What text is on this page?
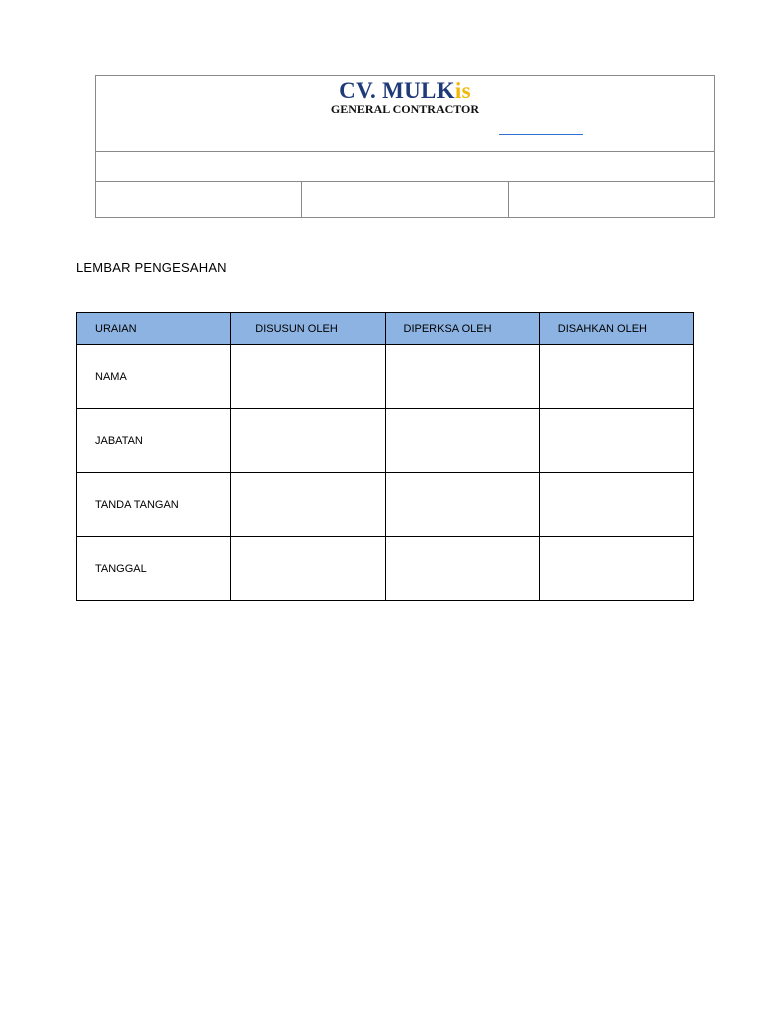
CV. MULKis
GENERAL CONTRACTOR
LEMBAR PENGESAHAN
URAIAN	DISUSUN OLEH	DIPERKSA OLEH	DISAHKAN OLEH
NAMA			
JABATAN			
TANDA TANGAN			
TANGGAL			
